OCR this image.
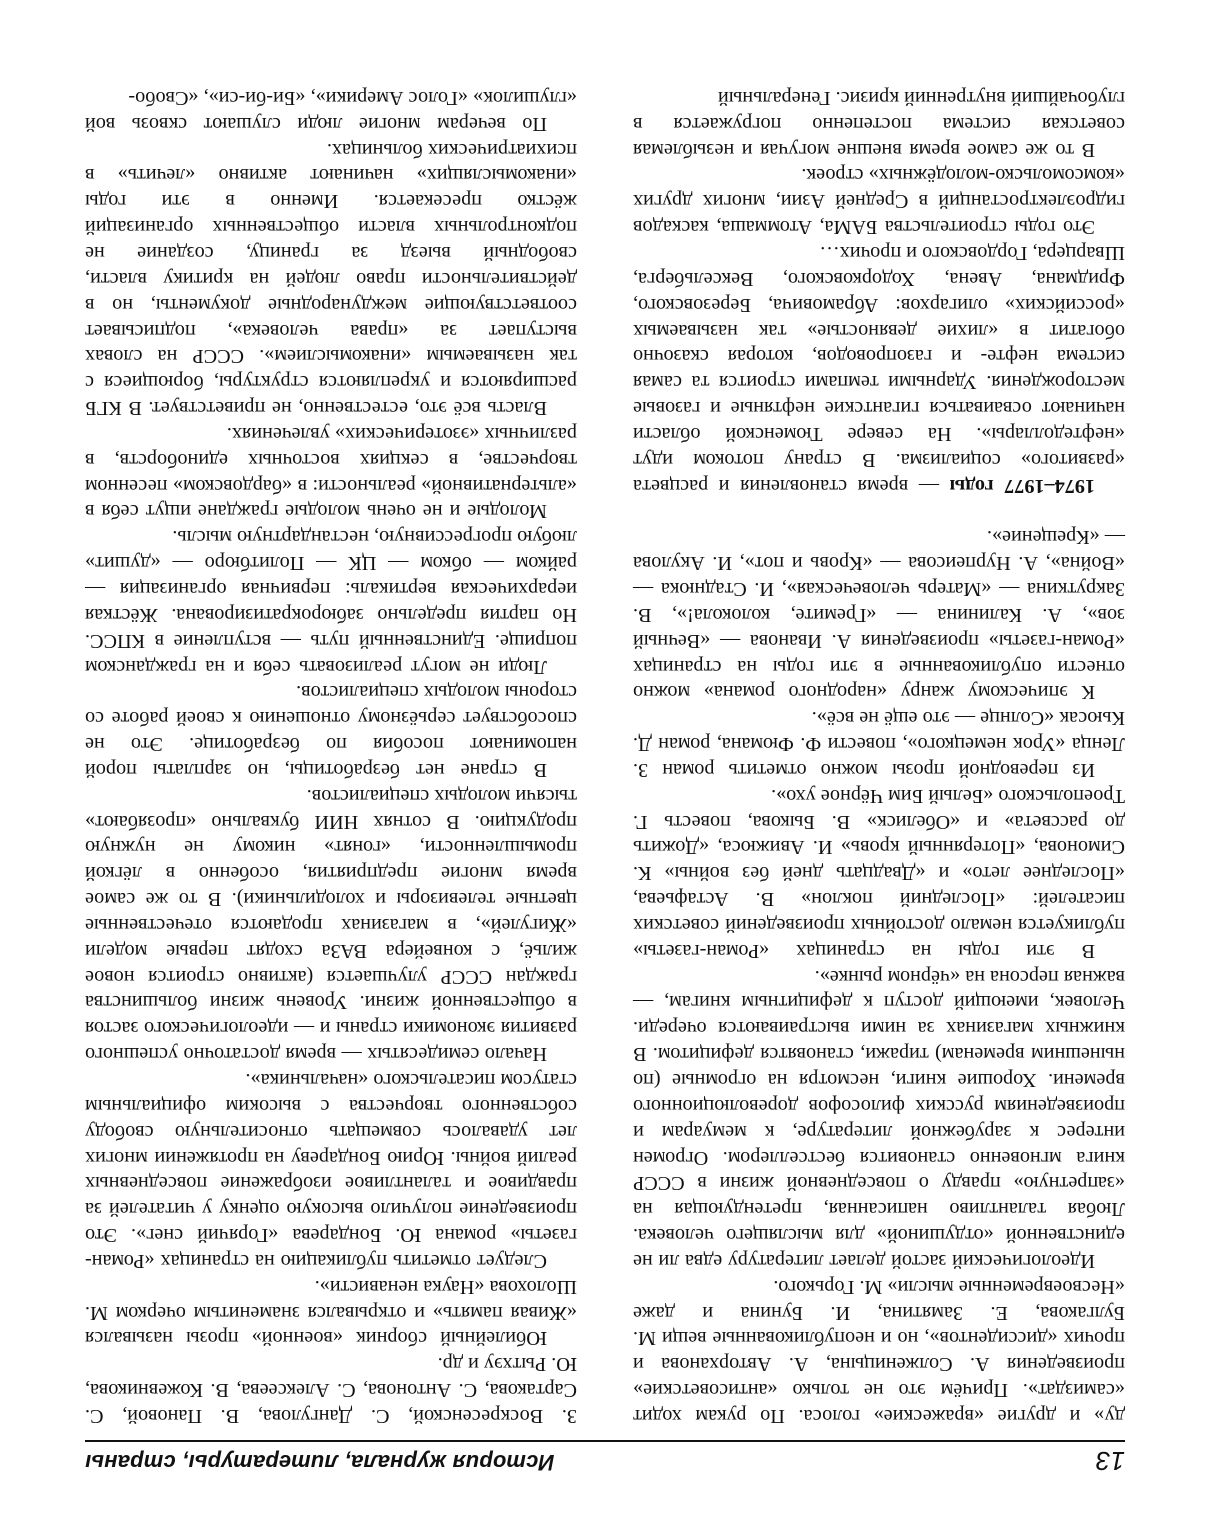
13
История журнала, литературы, страны

ду» и другие «вражеские» голоса. По рукам ходит «самиздат». Причём это не только «антисоветские» произведения А. Солженицына, А. Авторханова и прочих «диссидентов», но и неопубликованные вещи М. Булгакова, Е. Замятина, И. Бунина и даже «Несвоевременные мысли» М. Горького.

Идеологический застой делает литературу едва ли не единственной «отдушиной» для мыслящего человека. Любая талантливо написанная, претендующая на «запретную» правду о повседневной жизни в СССР книга мгновенно становится бестселлером. Огромен интерес к зарубежной литературе, к мемуарам и произведениям русских философов дореволюционного времени. Хорошие книги, несмотря на огромные (по нынешним временам) тиражи, становятся дефицитом. В книжных магазинах за ними выстраиваются очереди. Человек, имеющий доступ к дефицитным книгам, — важная персона на «чёрном рынке».

В эти годы на страницах «Роман-газеты» публикуется немало достойных произведений советских писателей: «Последний поклон» В. Астафьева, «Последнее лето» и «Двадцать дней без войны» К. Симонова, «Потерянный кровь» И. Авижюса, «Дожить до рассвета» и «Обелиск» В. Быкова, повесть Г. Троепольского «Белый Бим Чёрное ухо».

Из переводной прозы можно отметить роман З. Ленца «Урок немецкого», повести Ф. Фюмана, роман Д. Кьюсак «Солнце — это ещё не всё».

К эпическому жанру «народного романа» можно отнести опубликованные в эти годы на страницах «Роман-газеты» произведения А. Иванова — «Вечный зов», А. Калинина — «Гремите, колокола!», В. Закруткина — «Матерь человеческая», И. Стаднюка — «Война», А. Нурпеисова — «Кровь и пот», И. Акулова — «Крещение».

1974–1977 годы — время становления и расцвета «развитого» социализма. В страну потоком идут «нефтедоллары». На севере Тюменской области начинают осваиваться гигантские нефтяные и газовые месторождения. Ударными темпами строится та самая система нефте- и газопроводов, которая сказочно обогатит в «лихие девяностые» так называемых «российских» олигархов: Абрамовича, Березовского, Фридмана, Авена, Ходорковского, Вексельберга, Шварцера, Гордовского и прочих…

Это годы строительства БАМа, Атоммаша, каскадов гидроэлектростанций в Средней Азии, многих других «комсомольско-молодёжных» строек.

В то же самое время внешне могучая и незыблемая советская система постепенно погружается в глубочайший внутренний кризис. Генеральный

З. Воскресенской, С. Дангулова, В. Пановой, С. Сартакова, С. Антонова, С. Алексеева, В. Кожевникова, Ю. Рытхэу и др.

Юбилейный сборник «военной» прозы назывался «Живая память» и открывался знаменитым очерком М. Шолохова «Наука ненависти».

Следует отметить публикацию на страницах «Роман-газеты» романа Ю. Бондарева «Горячий снег». Это произведение получило высокую оценку у читателей за правдивое и талантливое изображение повседневных реалий войны. Юрию Бондареву на протяжении многих лет удавалось совмещать относительную свободу собственного творчества с высоким официальным статусом писательского «начальника».

Начало семидесятых — время достаточно успешного развития экономики страны и — идеологического застоя в общественной жизни. Уровень жизни большинства граждан СССР улучшается (активно строится новое жильё, с конвейера ВАЗа сходят первые модели «Жигулей», в магазинах продаются отечественные цветные телевизоры и холодильники). В то же самое время многие предприятия, особенно в лёгкой промышленности, «гонят» никому не нужную продукцию. В сотнях НИИ буквально «прозябают» тысячи молодых специалистов.

В стране нет безработицы, но зарплаты порой напоминают пособия по безработице. Это не способствует серьёзному отношению к своей работе со стороны молодых специалистов.

Люди не могут реализовать себя и на гражданском поприще. Единственный путь — вступление в КПСС. Но партия предельно забюрократизирована. Жёсткая иерархическая вертикаль: первичная организация — райком — обком — ЦК — Политбюро — «душит» любую прогрессивную, нестандартную мысль.

Молодые и не очень молодые граждане ищут себя в «альтернативной» реальности: в «бардовском» песенном творчестве, в секциях восточных единоборств, в различных «эзотерических» увлечениях.

Власть всё это, естественно, не приветствует. В КГБ расширяются и укрепляются структуры, борющиеся с так называемым «инакомыслием». СССР на словах выступает за «права человека», подписывает соответствующие международные документы, но в действительности право людей на критику власти, свободный выезд за границу, создание не подконтрольных власти общественных организаций жёстко пресекается. Именно в эти годы «инакомыслящих» начинают активно «лечить» в психиатрических больницах.

По вечерам многие люди слушают сквозь вой «глушилок» «Голос Америки», «Би-би-си», «Свобо-
